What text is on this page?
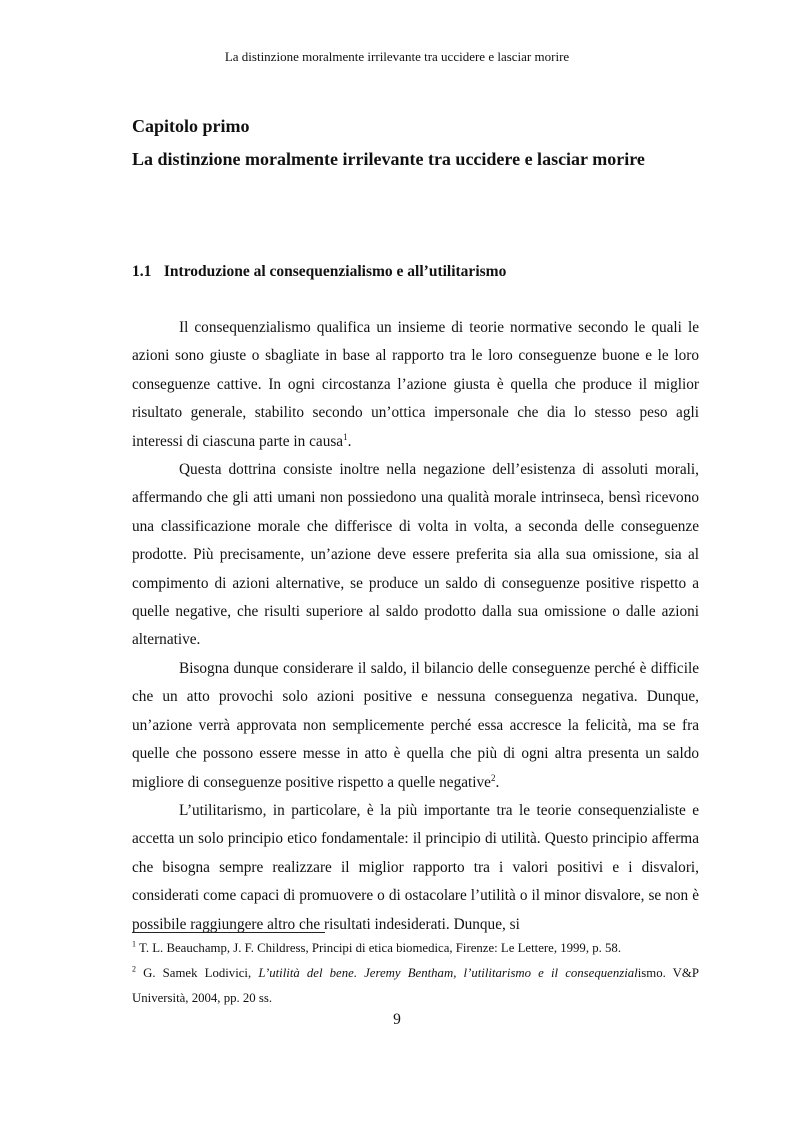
La distinzione moralmente irrilevante tra uccidere e lasciar morire
Capitolo primo
La distinzione moralmente irrilevante tra uccidere e lasciar morire
1.1 Introduzione al consequenzialismo e all’utilitarismo

Il consequenzialismo qualifica un insieme di teorie normative secondo le quali le azioni sono giuste o sbagliate in base al rapporto tra le loro conseguenze buone e le loro conseguenze cattive. In ogni circostanza l’azione giusta è quella che produce il miglior risultato generale, stabilito secondo un’ottica impersonale che dia lo stesso peso agli interessi di ciascuna parte in causa$^1$.

Questa dottrina consiste inoltre nella negazione dell’esistenza di assoluti morali, affermando che gli atti umani non possiedono una qualità morale intrinseca, bensì ricevono una classificazione morale che differisce di volta in volta, a seconda delle conseguenze prodotte. Più precisamente, un’azione deve essere preferita sia alla sua omissione, sia al compimento di azioni alternative, se produce un saldo di conseguenze positive rispetto a quelle negative, che risulti superiore al saldo prodotto dalla sua omissione o dalle azioni alternative.

Bisogna dunque considerare il saldo, il bilancio delle conseguenze perché è difficile che un atto provochi solo azioni positive e nessuna conseguenza negativa. Dunque, un’azione verrà approvata non semplicemente perché essa accresce la felicità, ma se fra quelle che possono essere messe in atto è quella che più di ogni altra presenta un saldo migliore di conseguenze positive rispetto a quelle negative$^2$.

L’utilitarismo, in particolare, è la più importante tra le teorie consequenzialiste e accetta un solo principio etico fondamentale: il principio di utilità. Questo principio afferma che bisogna sempre realizzare il miglior rapporto tra i valori positivi e i disvalori, considerati come capaci di promuovere o di ostacolare l’utilità o il minor disvalore, se non è possibile raggiungere altro che risultati indesiderati. Dunque, si

$^1$ T. L. Beauchamp, J. F. Childress, Principi di etica biomedica, Firenze: Le Lettere, 1999, p. 58.

$^2$ G. Samek Lodivici, L’utilità del bene. Jeremy Bentham, l’utilitarismo e il consequenzialismo. V&P Università, 2004, pp. 20 ss.

9
